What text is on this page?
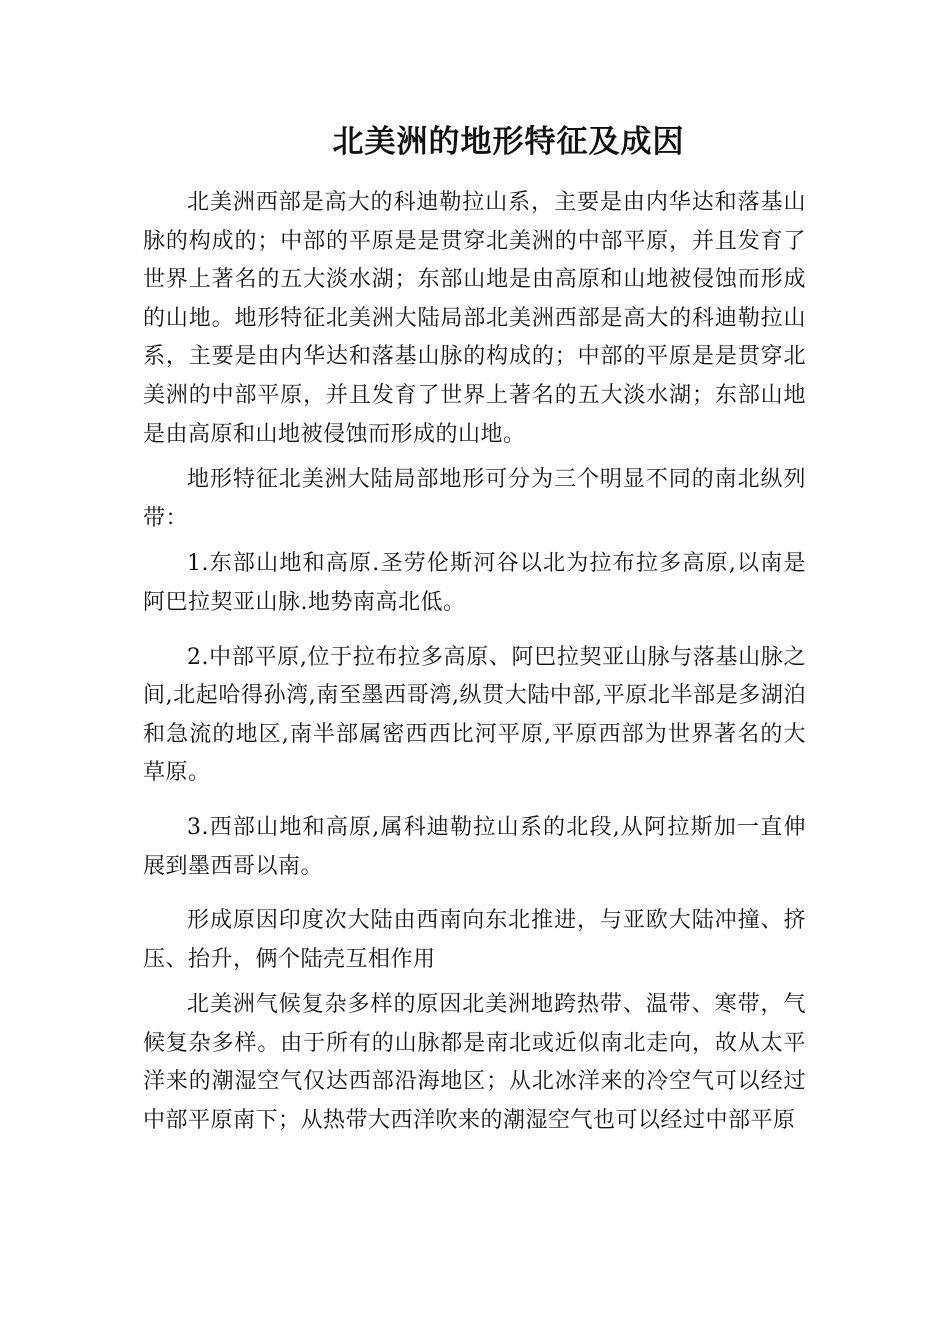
北美洲的地形特征及成因

北美洲西部是高大的科迪勒拉山系，主要是由内华达和落基山脉的构成的；中部的平原是是贯穿北美洲的中部平原，并且发育了世界上著名的五大淡水湖；东部山地是由高原和山地被侵蚀而形成的山地。地形特征北美洲大陆局部北美洲西部是高大的科迪勒拉山系，主要是由内华达和落基山脉的构成的；中部的平原是是贯穿北美洲的中部平原，并且发育了世界上著名的五大淡水湖；东部山地是由高原和山地被侵蚀而形成的山地。

地形特征北美洲大陆局部地形可分为三个明显不同的南北纵列带：

1.东部山地和高原.圣劳伦斯河谷以北为拉布拉多高原,以南是阿巴拉契亚山脉.地势南高北低。

2.中部平原,位于拉布拉多高原、阿巴拉契亚山脉与落基山脉之间,北起哈得孙湾,南至墨西哥湾,纵贯大陆中部,平原北半部是多湖泊和急流的地区,南半部属密西西比河平原,平原西部为世界著名的大草原。

3.西部山地和高原,属科迪勒拉山系的北段,从阿拉斯加一直伸展到墨西哥以南。

形成原因印度次大陆由西南向东北推进，与亚欧大陆冲撞、挤压、抬升，俩个陆壳互相作用

北美洲气候复杂多样的原因北美洲地跨热带、温带、寒带，气候复杂多样。由于所有的山脉都是南北或近似南北走向，故从太平洋来的潮湿空气仅达西部沿海地区；从北冰洋来的冷空气可以经过中部平原南下；从热带大西洋吹来的潮湿空气也可以经过中部平原
